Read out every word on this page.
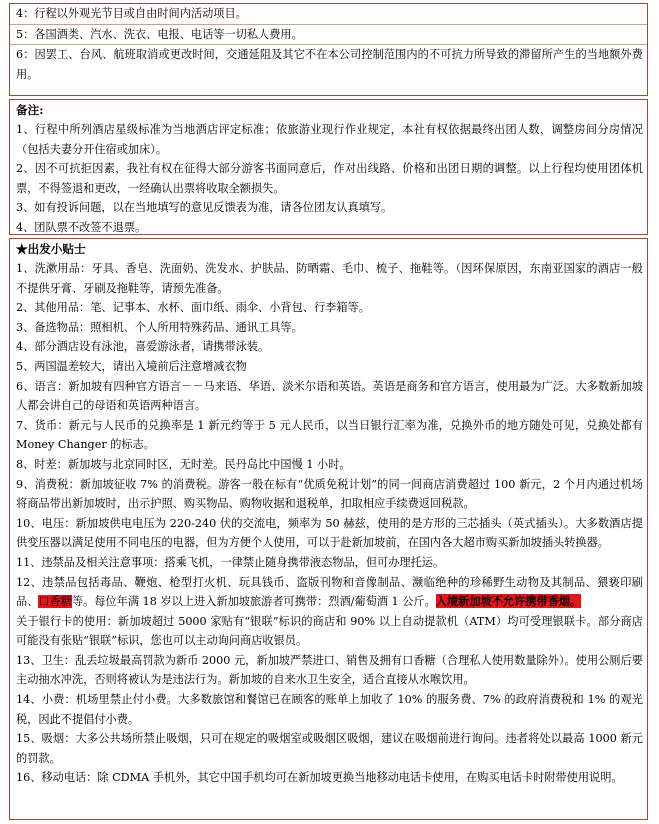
4：行程以外观光节目或自由时间内活动项目。

5：各国酒类、汽水、洗衣、电报、电话等一切私人费用。

6：因罢工、台风、航班取消或更改时间，交通延阻及其它不在本公司控制范围内的不可抗力所导致的滞留所产生的当地额外费用。

备注:

1、行程中所列酒店星级标准为当地酒店评定标准；依旅游业现行作业规定，本社有权依据最终出团人数，调整房间分房情况（包括夫妻分开住宿或加床）。

2、因不可抗拒因素，我社有权在征得大部分游客书面同意后，作对出线路、价格和出团日期的调整。以上行程均使用团体机票，不得签退和更改，一经确认出票将收取全额损失。

3、如有投诉问题，以在当地填写的意见反馈表为准，请各位团友认真填写。

4、团队票不改签不退票。

★出发小贴士

1、洗漱用品：牙具、香皂、洗面奶、洗发水、护肤品、防晒霜、毛巾、梳子、拖鞋等。（因环保原因，东南亚国家的酒店一般不提供牙膏、牙刷及拖鞋等，请预先准备。

2、其他用品：笔、记事本、水杯、面巾纸、雨伞、小背包、行李箱等。

3、备选物品：照相机、个人所用特殊药品、通讯工具等。

4、部分酒店设有泳池，喜爱游泳者，请携带泳装。

5、两国温差较大，请出入境前后注意增减衣物

6、语言：新加坡有四种官方语言－－马来语、华语、淡米尔语和英语。英语是商务和官方语言，使用最为广泛。大多数新加坡人都会讲自己的母语和英语两种语言。

7、货币：新元与人民币的兑换率是 1 新元约等于 5 元人民币，以当日银行汇率为准，兑换外币的地方随处可见，兑换处都有 Money Changer 的标志。

8、时差：新加坡与北京同时区，无时差。民丹岛比中国慢 1 小时。

9、消费税：新加坡征收 7% 的消费税。游客一般在标有“优质免税计划”的同一间商店消费超过 100 新元，2 个月内通过机场将商品带出新加坡时，出示护照、购买物品、购物收据和退税单，扣取相应手续费返回税款。

10、电压：新加坡供电电压为 220-240 伏的交流电，频率为 50 赫兹，使用的是方形的三芯插头（英式插头）。大多数酒店提供变压器以满足使用不同电压的电器，但为方便个人使用，可以于赴新加坡前，在国内各大超市购买新加坡插头转换器。

11、违禁品及相关注意事项：搭乘飞机，一律禁止随身携带液态物品，但可办理托运。

12、违禁品包括毒品、鞭炮、枪型打火机、玩具钱币、盗版刊物和音像制品、濒临绝种的珍稀野生动物及其制品、猥亵印刷品、口香糖等。每位年满 18 岁以上进入新加坡旅游者可携带：烈酒/葡萄酒 1 公斤。入境新加坡不允许携带香烟。

关于银行卡的使用：新加坡超过 5000 家贴有“银联”标识的商店和 90% 以上自动提款机（ATM）均可受理银联卡。部分商店可能没有张贴“银联”标识，您也可以主动询问商店收银员。

13、卫生：乱丢垃圾最高罚款为新币 2000 元，新加坡严禁进口、销售及拥有口香糖（合理私人使用数量除外）。使用公厕后要主动抽水冲洗，否则将被认为是违法行为。新加坡的自来水卫生安全，适合直接从水喉饮用。

14、小费：机场里禁止付小费。大多数旅馆和餐馆已在顾客的账单上加收了 10% 的服务费、7% 的政府消费税和 1% 的观光税，因此不提倡付小费。

15、吸烟：大多公共场所禁止吸烟，只可在规定的吸烟室或吸烟区吸烟，建议在吸烟前进行询问。违者将处以最高 1000 新元的罚款。

16、移动电话：除 CDMA 手机外，其它中国手机均可在新加坡更换当地移动电话卡使用，在购买电话卡时附带使用说明。
